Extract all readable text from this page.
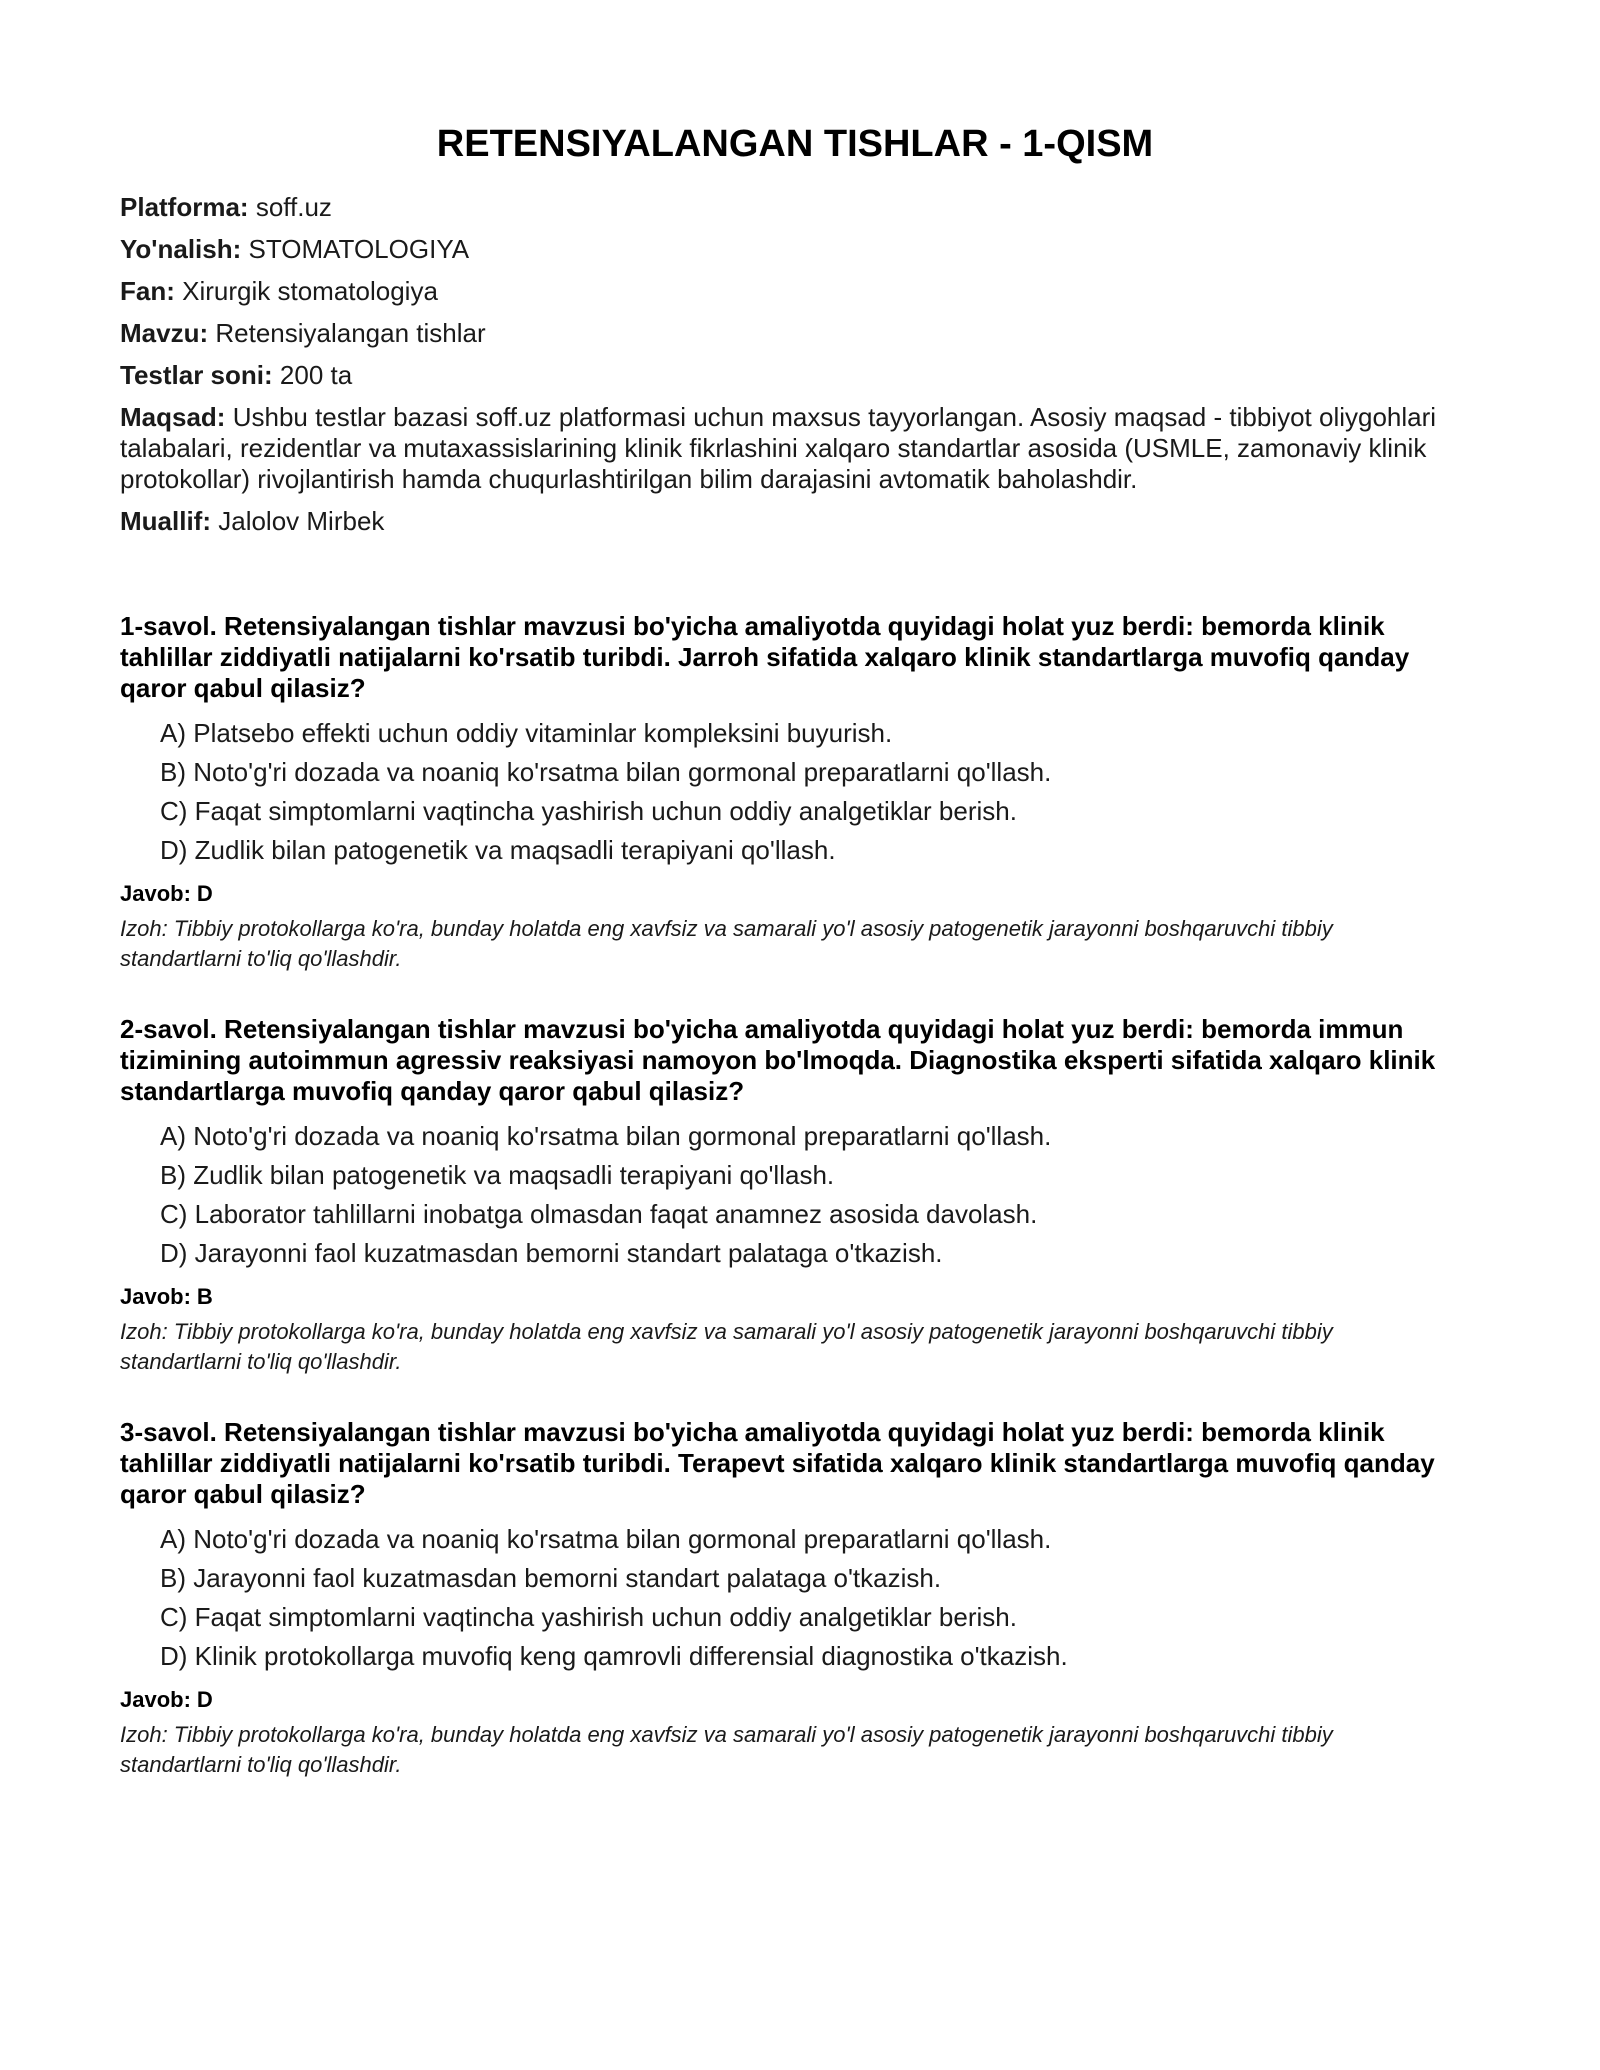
RETENSIYALANGAN TISHLAR - 1-QISM
Platforma: soff.uz
Yo'nalish: STOMATOLOGIYA
Fan: Xirurgik stomatologiya
Mavzu: Retensiyalangan tishlar
Testlar soni: 200 ta
Maqsad: Ushbu testlar bazasi soff.uz platformasi uchun maxsus tayyorlangan. Asosiy maqsad - tibbiyot oliygohlari talabalari, rezidentlar va mutaxassislarining klinik fikrlashini xalqaro standartlar asosida (USMLE, zamonaviy klinik protokollar) rivojlantirish hamda chuqurlashtirilgan bilim darajasini avtomatik baholashdir.
Muallif: Jalolov Mirbek

1-savol. Retensiyalangan tishlar mavzusi bo'yicha amaliyotda quyidagi holat yuz berdi: bemorda klinik tahlillar ziddiyatli natijalarni ko'rsatib turibdi. Jarroh sifatida xalqaro klinik standartlarga muvofiq qanday qaror qabul qilasiz?

A) Platsebo effekti uchun oddiy vitaminlar kompleksini buyurish.
B) Noto'g'ri dozada va noaniq ko'rsatma bilan gormonal preparatlarni qo'llash.
C) Faqat simptomlarni vaqtincha yashirish uchun oddiy analgetiklar berish.
D) Zudlik bilan patogenetik va maqsadli terapiyani qo'llash.
Javob: D
Izoh: Tibbiy protokollarga ko'ra, bunday holatda eng xavfsiz va samarali yo'l asosiy patogenetik jarayonni boshqaruvchi tibbiy standartlarni to'liq qo'llashdir.

2-savol. Retensiyalangan tishlar mavzusi bo'yicha amaliyotda quyidagi holat yuz berdi: bemorda immun tizimining autoimmun agressiv reaksiyasi namoyon bo'lmoqda. Diagnostika eksperti sifatida xalqaro klinik standartlarga muvofiq qanday qaror qabul qilasiz?

A) Noto'g'ri dozada va noaniq ko'rsatma bilan gormonal preparatlarni qo'llash.
B) Zudlik bilan patogenetik va maqsadli terapiyani qo'llash.
C) Laborator tahlillarni inobatga olmasdan faqat anamnez asosida davolash.
D) Jarayonni faol kuzatmasdan bemorni standart palataga o'tkazish.
Javob: B
Izoh: Tibbiy protokollarga ko'ra, bunday holatda eng xavfsiz va samarali yo'l asosiy patogenetik jarayonni boshqaruvchi tibbiy standartlarni to'liq qo'llashdir.

3-savol. Retensiyalangan tishlar mavzusi bo'yicha amaliyotda quyidagi holat yuz berdi: bemorda klinik tahlillar ziddiyatli natijalarni ko'rsatib turibdi. Terapevt sifatida xalqaro klinik standartlarga muvofiq qanday qaror qabul qilasiz?

A) Noto'g'ri dozada va noaniq ko'rsatma bilan gormonal preparatlarni qo'llash.
B) Jarayonni faol kuzatmasdan bemorni standart palataga o'tkazish.
C) Faqat simptomlarni vaqtincha yashirish uchun oddiy analgetiklar berish.
D) Klinik protokollarga muvofiq keng qamrovli differensial diagnostika o'tkazish.
Javob: D
Izoh: Tibbiy protokollarga ko'ra, bunday holatda eng xavfsiz va samarali yo'l asosiy patogenetik jarayonni boshqaruvchi tibbiy standartlarni to'liq qo'llashdir.
